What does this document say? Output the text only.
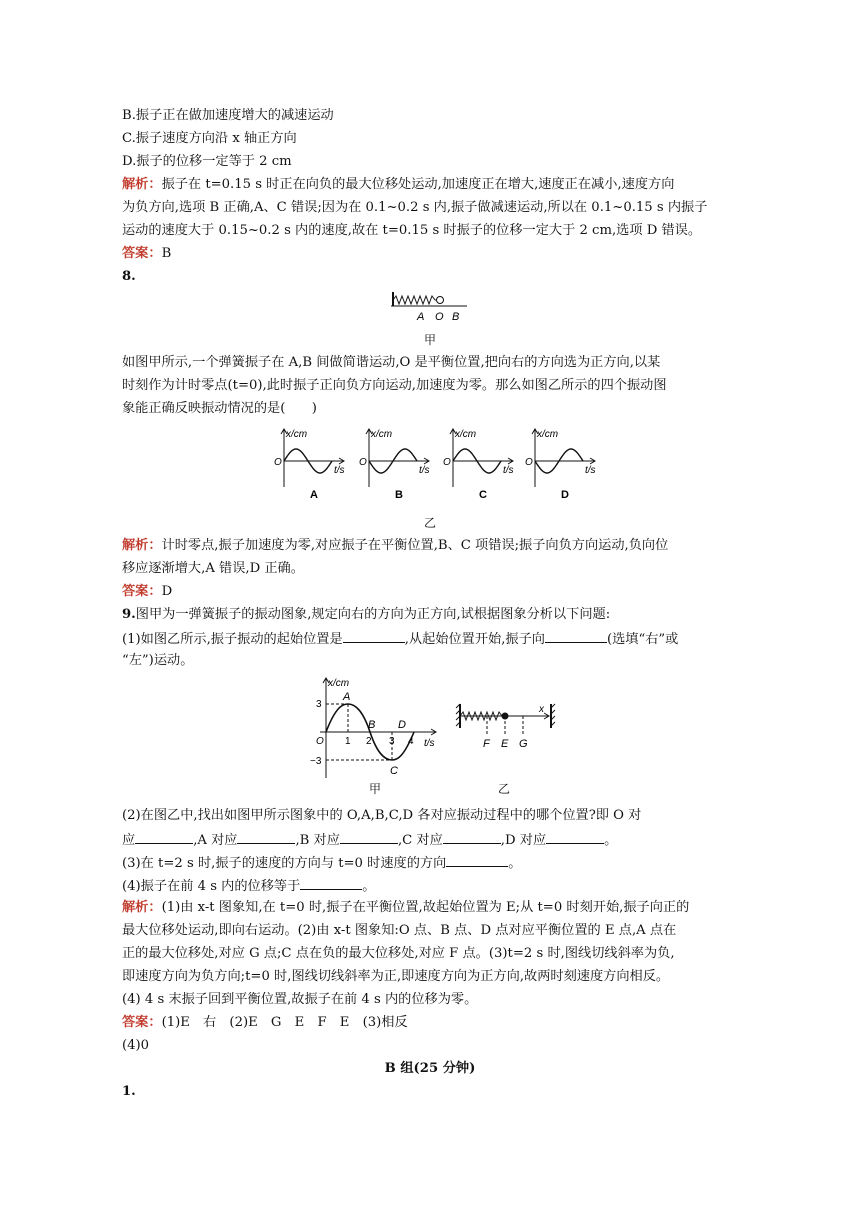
B.振子正在做加速度增大的减速运动
C.振子速度方向沿 x 轴正方向
D.振子的位移一定等于 2 cm
解析：振子在 t=0.15 s 时正在向负的最大位移处运动,加速度正在增大,速度正在减小,速度方向
为负方向,选项 B 正确,A、C 错误;因为在 0.1~0.2 s 内,振子做减速运动,所以在 0.1~0.15 s 内振子
运动的速度大于 0.15~0.2 s 内的速度,故在 t=0.15 s 时振子的位移一定大于 2 cm,选项 D 错误。
答案：B
8.
A O B
甲
如图甲所示,一个弹簧振子在 A,B 间做简谐运动,O 是平衡位置,把向右的方向选为正方向,以某
时刻作为计时零点(t=0),此时振子正向负方向运动,加速度为零。那么如图乙所示的四个振动图
象能正确反映振动情况的是(　　)
x/cm
t/s
O
A
x/cm
t/s
O
B
x/cm
t/s
O
C
x/cm
t/s
O
D
乙
解析：计时零点,振子加速度为零,对应振子在平衡位置,B、C 项错误;振子向负方向运动,负向位
移应逐渐增大,A 错误,D 正确。
答案：D
9.图甲为一弹簧振子的振动图象,规定向右的方向为正方向,试根据图象分析以下问题:
(1)如图乙所示,振子振动的起始位置是	,从起始位置开始,振子向	(选填“右”或
“左”)运动。
x/cm
t/s
3
−3
O 1 2 3 4
A
B
C
D
甲
x
F E G
乙
(2)在图乙中,找出如图甲所示图象中的 O,A,B,C,D 各对应振动过程中的哪个位置?即 O 对
应	,A 对应	,B 对应	,C 对应	,D 对应	。
(3)在 t=2 s 时,振子的速度的方向与 t=0 时速度的方向	。
(4)振子在前 4 s 内的位移等于	。
解析：(1)由 x-t 图象知,在 t=0 时,振子在平衡位置,故起始位置为 E;从 t=0 时刻开始,振子向正的
最大位移处运动,即向右运动。(2)由 x-t 图象知:O 点、B 点、D 点对应平衡位置的 E 点,A 点在
正的最大位移处,对应 G 点;C 点在负的最大位移处,对应 F 点。(3)t=2 s 时,图线切线斜率为负,
即速度方向为负方向;t=0 时,图线切线斜率为正,即速度方向为正方向,故两时刻速度方向相反。
(4) 4 s 末振子回到平衡位置,故振子在前 4 s 内的位移为零。
答案：(1)E　右　(2)E　G　E　F　E　(3)相反
(4)0
B 组(25 分钟)
1.
